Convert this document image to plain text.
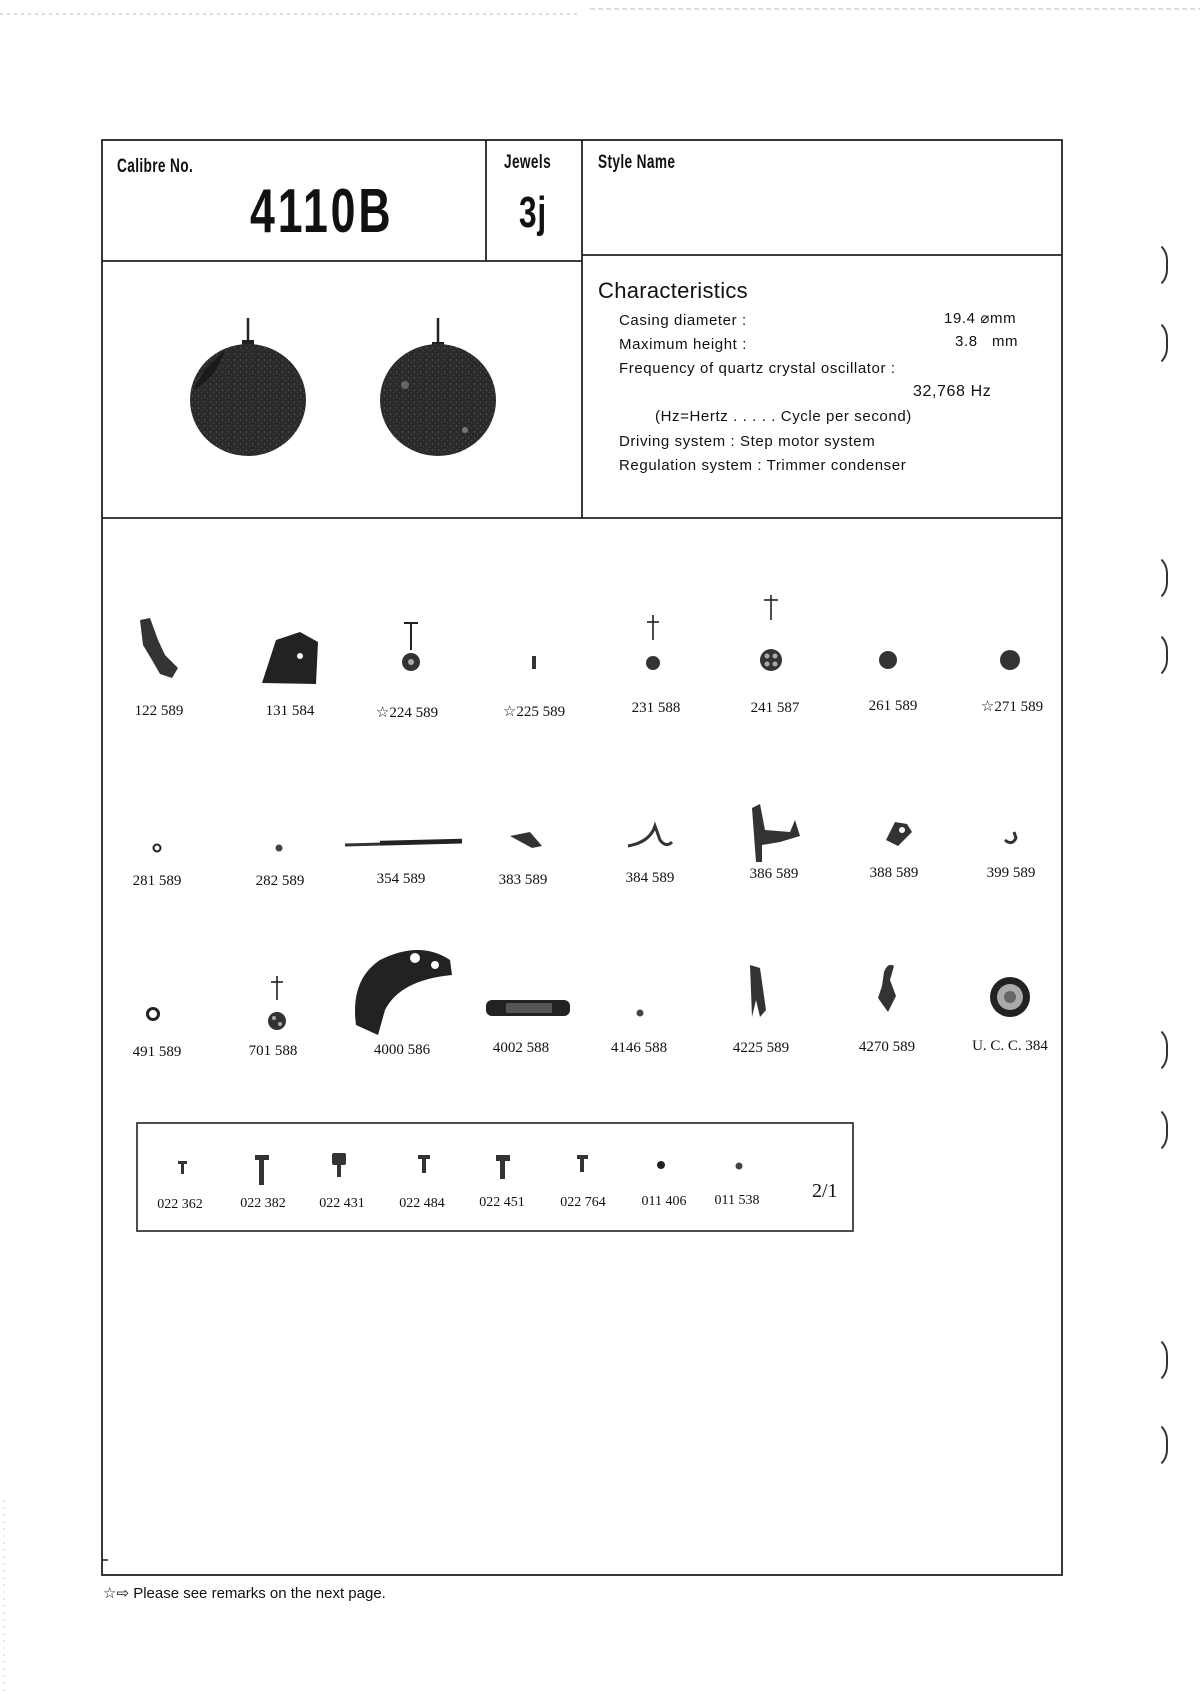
Calibre No.
4110B
Jewels
3j
Style Name
Characteristics
Casing diameter :	19.4 ⌀mm
Maximum height :	3.8   mm
Frequency of quartz crystal oscillator :
32,768 Hz
(Hz=Hertz . . . . . Cycle per second)
Driving system : Step motor system
Regulation system : Trimmer condenser
122 589	131 584	☆224 589	☆225 589	231 588	241 587	261 589	☆271 589
281 589	282 589	354 589	383 589	384 589	386 589	388 589	399 589
491 589	701 588	4000 586	4002 588	4146 588	4225 589	4270 589	U. C. C. 384
022 362	022 382	022 431	022 484	022 451	022 764	011 406	011 538	2/1
☆⇨ Please see remarks on the next page.
